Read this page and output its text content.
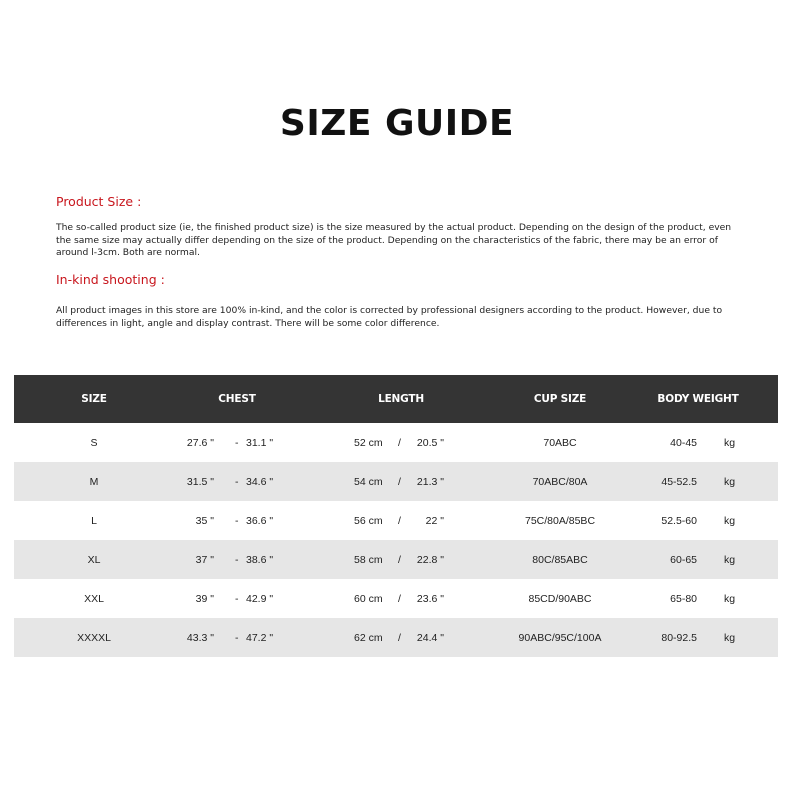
SIZE GUIDE
Product Size :
The so-called product size (ie, the finished product size) is the size measured by the actual product. Depending on the design of the product, even the same size may actually differ depending on the size of the product. Depending on the characteristics of the fabric, there may be an error of around l-3cm. Both are normal.
In-kind shooting :
All product images in this store are 100% in-kind, and the color is corrected by professional designers according to the product. However, due to differences in light, angle and display contrast. There will be some color difference.
SIZE	CHEST	LENGTH	CUP SIZE	BODY WEIGHT
S	27.6 " - 31.1 "	52 cm /	20.5 "	70ABC	40-45	kg
M	31.5 " - 34.6 "	54 cm /	21.3 "	70ABC/80A	45-52.5	kg
L	35 " - 36.6 "	56 cm /	22 "	75C/80A/85BC	52.5-60	kg
XL	37 " - 38.6 "	58 cm /	22.8 "	80C/85ABC	60-65	kg
XXL	39 " - 42.9 "	60 cm /	23.6 "	85CD/90ABC	65-80	kg
XXXXL	43.3 " - 47.2 "	62 cm /	24.4 "	90ABC/95C/100A	80-92.5	kg
